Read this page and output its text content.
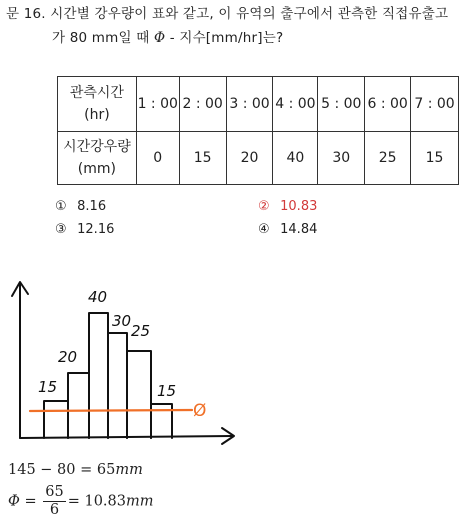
문 16. 시간별 강우량이 표와 같고, 이 유역의 출구에서 관측한 직접유출고
가 80 mm일 때 Φ - 지수[mm/hr]는?
관측시간
(hr)	1 : 00	2 : 00	3 : 00	4 : 00	5 : 00	6 : 00	7 : 00

시간강우량
(mm)	0	15	20	40	30	25	15
① 8.16	② 10.83
③ 12.16	④ 14.84
15
20
40
30
25
15
Ø
145 − 80 = 65mm
$\Phi = \frac{65}{6} = 10.83mm$
